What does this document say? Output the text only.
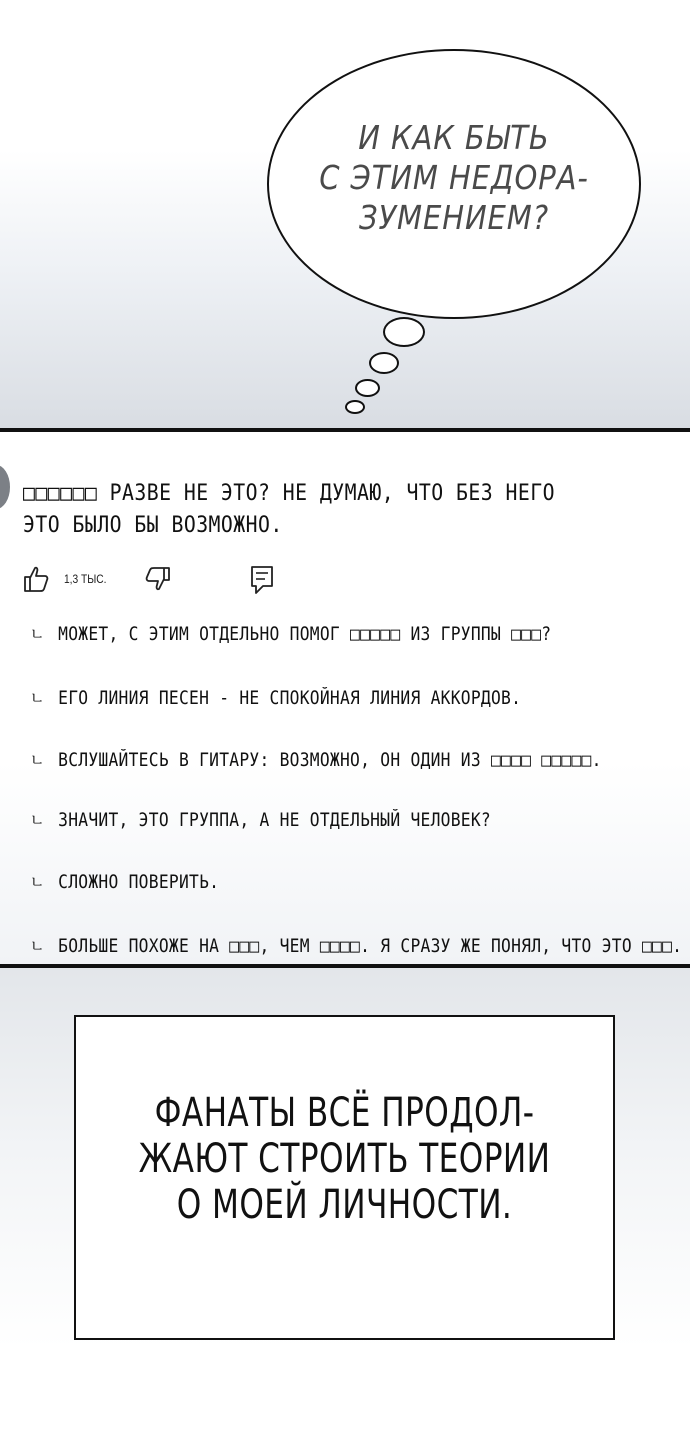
И КАК БЫТЬ
С ЭТИМ НЕДОРА-
ЗУМЕНИЕМ?
□□□□□□ РАЗВЕ НЕ ЭТО? НЕ ДУМАЮ, ЧТО БЕЗ НЕГО
ЭТО БЫЛО БЫ ВОЗМОЖНО.
1,3 ТЫС.
ㄴ МОЖЕТ, С ЭТИМ ОТДЕЛЬНО ПОМОГ □□□□□ ИЗ ГРУППЫ □□□?
ㄴ ЕГО ЛИНИЯ ПЕСЕН - НЕ СПОКОЙНАЯ ЛИНИЯ АККОРДОВ.
ㄴ ВСЛУШАЙТЕСЬ В ГИТАРУ: ВОЗМОЖНО, ОН ОДИН ИЗ □□□□ □□□□□.
ㄴ ЗНАЧИТ, ЭТО ГРУППА, А НЕ ОТДЕЛЬНЫЙ ЧЕЛОВЕК?
ㄴ СЛОЖНО ПОВЕРИТЬ.
ㄴ БОЛЬШЕ ПОХОЖЕ НА □□□, ЧЕМ □□□□. Я СРАЗУ ЖЕ ПОНЯЛ, ЧТО ЭТО □□□.
ФАНАТЫ ВСЁ ПРОДОЛ-
ЖАЮТ СТРОИТЬ ТЕОРИИ
О МОЕЙ ЛИЧНОСТИ.
